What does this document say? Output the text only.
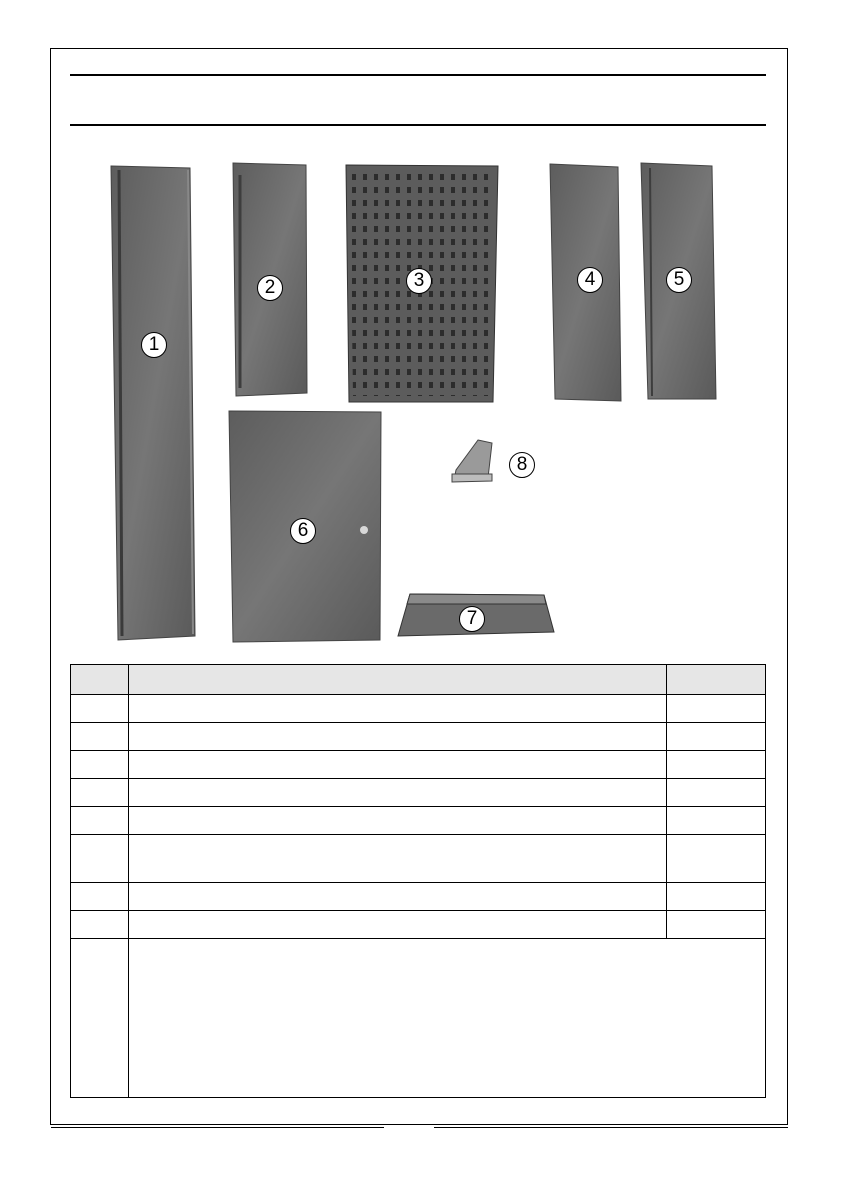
1
2	3	4	5
6
7
8
